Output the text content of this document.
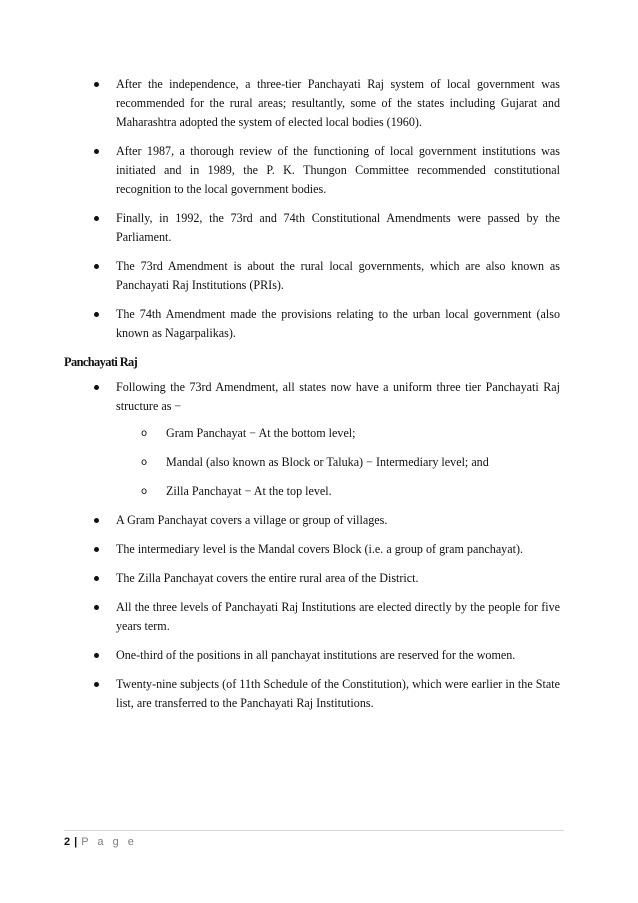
After the independence, a three-tier Panchayati Raj system of local government was recommended for the rural areas; resultantly, some of the states including Gujarat and Maharashtra adopted the system of elected local bodies (1960).
After 1987, a thorough review of the functioning of local government institutions was initiated and in 1989, the P. K. Thungon Committee recommended constitutional recognition to the local government bodies.
Finally, in 1992, the 73rd and 74th Constitutional Amendments were passed by the Parliament.
The 73rd Amendment is about the rural local governments, which are also known as Panchayati Raj Institutions (PRIs).
The 74th Amendment made the provisions relating to the urban local government (also known as Nagarpalikas).
Panchayati Raj
Following the 73rd Amendment, all states now have a uniform three tier Panchayati Raj structure as −
o Gram Panchayat − At the bottom level;
o Mandal (also known as Block or Taluka) − Intermediary level; and
o Zilla Panchayat − At the top level.
A Gram Panchayat covers a village or group of villages.
The intermediary level is the Mandal covers Block (i.e. a group of gram panchayat).
The Zilla Panchayat covers the entire rural area of the District.
All the three levels of Panchayati Raj Institutions are elected directly by the people for five years term.
One-third of the positions in all panchayat institutions are reserved for the women.
Twenty-nine subjects (of 11th Schedule of the Constitution), which were earlier in the State list, are transferred to the Panchayati Raj Institutions.
2 | P a g e
